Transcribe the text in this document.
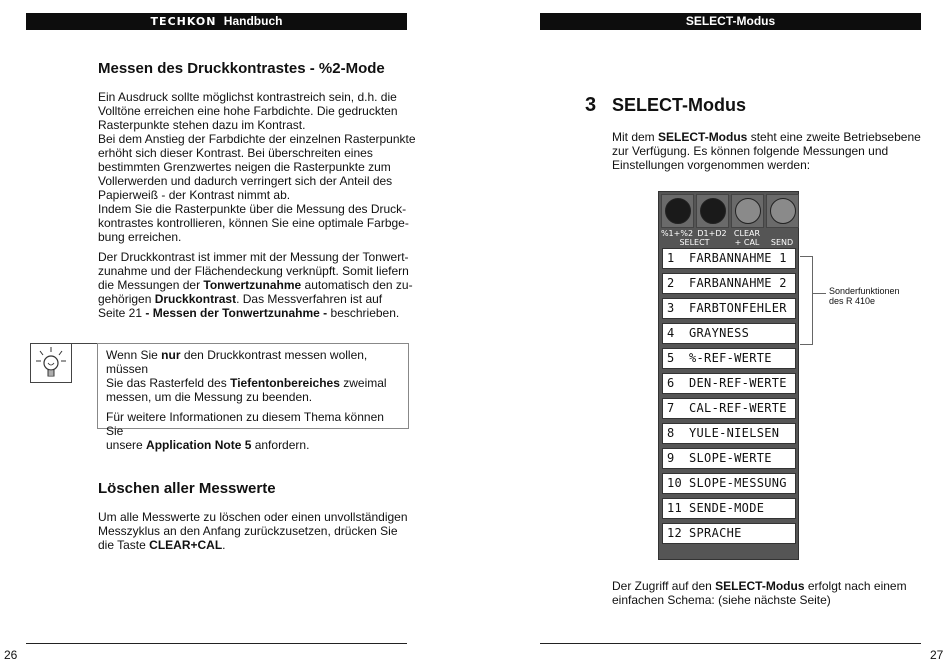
TECHKON Handbuch
Messen des Druckkontrastes - %2-Mode
Ein Ausdruck sollte möglichst kontrastreich sein, d.h. die
Volltöne erreichen eine hohe Farbdichte. Die gedruckten
Rasterpunkte stehen dazu im Kontrast.
Bei dem Anstieg der Farbdichte der einzelnen Rasterpunkte
erhöht sich dieser Kontrast. Bei überschreiten eines
bestimmten Grenzwertes neigen die Rasterpunkte zum
Vollerwerden und dadurch verringert sich der Anteil des
Papierweiß - der Kontrast nimmt ab.
Indem Sie die Rasterpunkte über die Messung des Druck-
kontrastes kontrollieren, können Sie eine optimale Farbge-
bung erreichen.
Der Druckkontrast ist immer mit der Messung der Tonwert-
zunahme und der Flächendeckung verknüpft. Somit liefern
die Messungen der Tonwertzunahme automatisch den zu-
gehörigen Druckkontrast. Das Messverfahren ist auf
Seite 21 - Messen der Tonwertzunahme - beschrieben.

Wenn Sie nur den Druckkontrast messen wollen, müssen
Sie das Rasterfeld des Tiefentonbereiches zweimal
messen, um die Messung zu beenden.

Für weitere Informationen zu diesem Thema können Sie
unsere Application Note 5 anfordern.

Löschen aller Messwerte
Um alle Messwerte zu löschen oder einen unvollständigen
Messzyklus an den Anfang zurückzusetzen, drücken Sie
die Taste CLEAR+CAL.
26
SELECT-Modus
3 SELECT-Modus
Mit dem SELECT-Modus steht eine zweite Betriebsebene
zur Verfügung. Es können folgende Messungen und
Einstellungen vorgenommen werden:
Der Zugriff auf den SELECT-Modus erfolgt nach einem
einfachen Schema: (siehe nächste Seite)
27
%1+%2 D1+D2 CLEAR
SELECT	+ CAL	SEND
1 FARBANNAHME 1
2 FARBANNAHME 2
3 FARBTONFEHLER
4 GRAYNESS
5 %-REF-WERTE
6 DEN-REF-WERTE
7 CAL-REF-WERTE
8 YULE-NIELSEN
9 SLOPE-WERTE
10 SLOPE-MESSUNG
11 SENDE-MODE
12 SPRACHE
Sonderfunktionen
des R 410e
